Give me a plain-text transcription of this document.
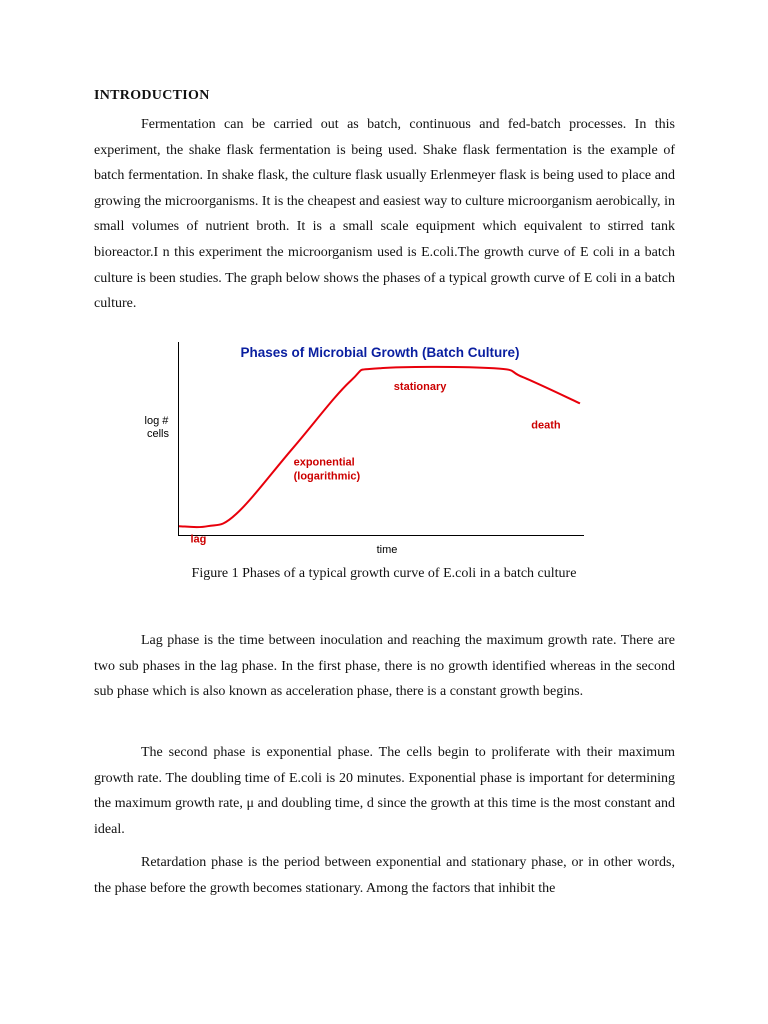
INTRODUCTION

Fermentation can be carried out as batch, continuous and fed-batch processes. In this experiment, the shake flask fermentation is being used. Shake flask fermentation is the example of batch fermentation. In shake flask, the culture flask usually Erlenmeyer flask is being used to place and growing the microorganisms. It is the cheapest and easiest way to culture microorganism aerobically, in small volumes of nutrient broth. It is a small scale equipment which equivalent to stirred tank bioreactor.I n this experiment the microorganism used is E.coli.The growth curve of E coli in a batch culture is been studies. The graph below shows the phases of a typical growth curve of E coli in a batch culture.

Phases of Microbial Growth (Batch Culture)
log # cells
time
lag
exponential
(logarithmic)
stationary
death
Figure 1 Phases of a typical growth curve of E.coli in a batch culture

Lag phase is the time between inoculation and reaching the maximum growth rate. There are two sub phases in the lag phase. In the first phase, there is no growth identified whereas in the second sub phase which is also known as acceleration phase, there is a constant growth begins.

The second phase is exponential phase. The cells begin to proliferate with their maximum growth rate. The doubling time of E.coli is 20 minutes. Exponential phase is important for determining the maximum growth rate, μ and doubling time, d since the growth at this time is the most constant and ideal.

Retardation phase is the period between exponential and stationary phase, or in other words, the phase before the growth becomes stationary. Among the factors that inhibit the
